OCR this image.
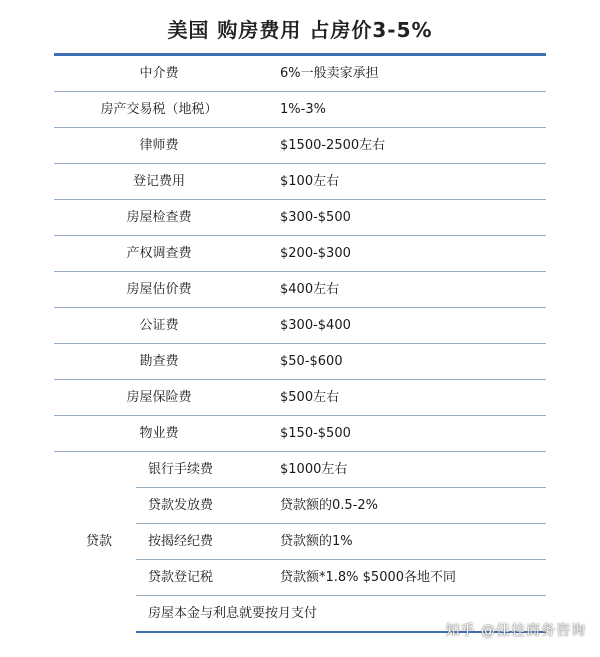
美国 购房费用 占房价3-5%
中介费	6%一般卖家承担
房产交易税（地税）	1%-3%
律师费	$1500-2500左右
登记费用	$100左右
房屋检查费	$300-$500
产权调查费	$200-$300
房屋估价费	$400左右
公证费	$300-$400
勘查费	$50-$600
房屋保险费	$500左右
物业费	$150-$500
贷款
银行手续费	$1000左右
贷款发放费	贷款额的0.5-2%
按揭经纪费	贷款额的1%
贷款登记税	贷款额*1.8% $5000各地不同
房屋本金与利息就要按月支付
知乎 @佳桂商务咨询
